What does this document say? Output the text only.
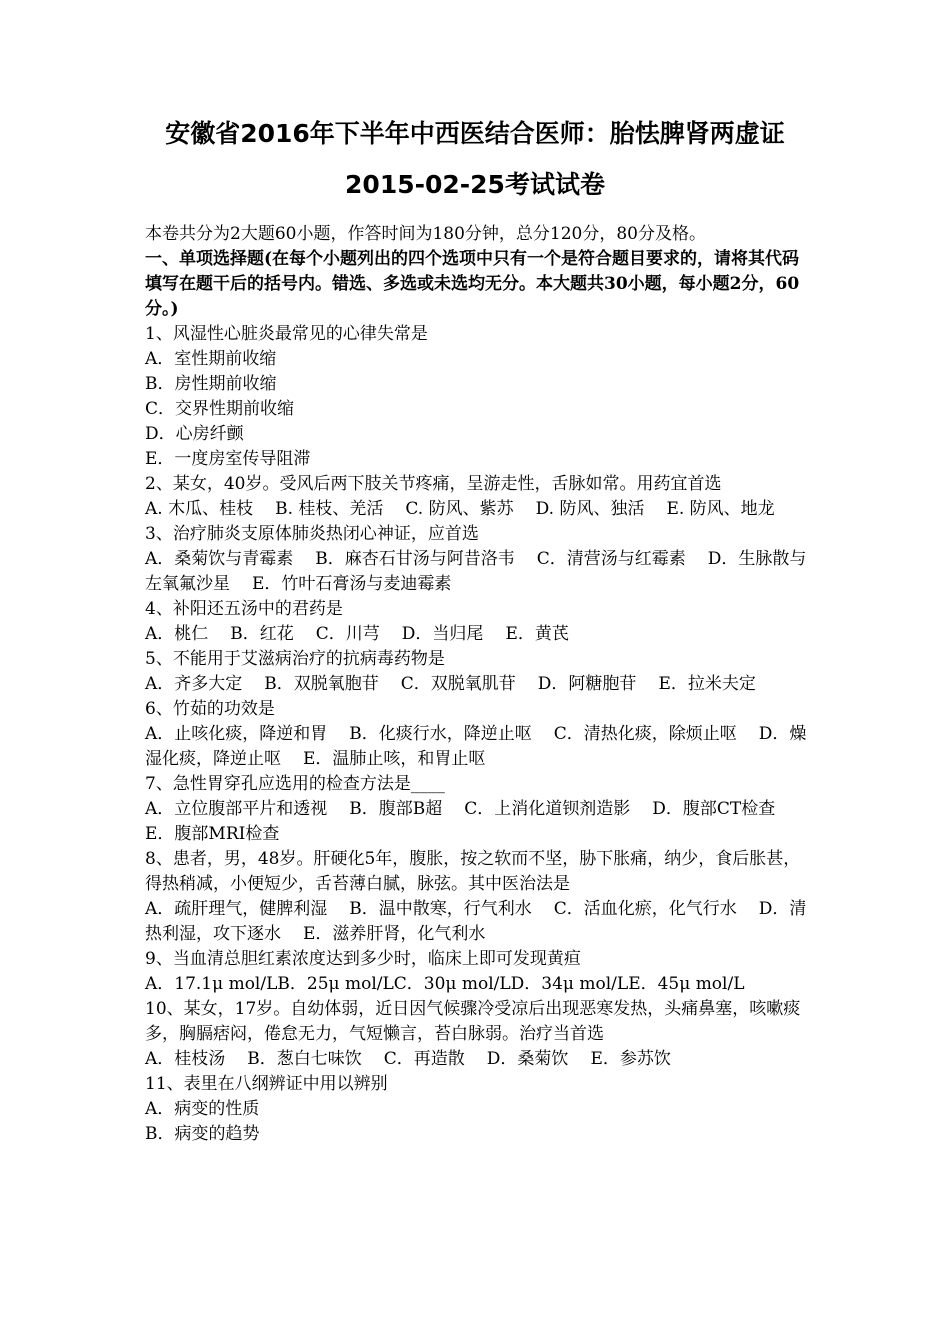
安徽省2016年下半年中西医结合医师：胎怯脾肾两虚证
2015-02-25考试试卷

本卷共分为2大题60小题，作答时间为180分钟，总分120分，80分及格。

一、单项选择题(在每个小题列出的四个选项中只有一个是符合题目要求的，请将其代码填写在题干后的括号内。错选、多选或未选均无分。本大题共30小题，每小题2分，60分。)

1、风湿性心脏炎最常见的心律失常是

A．室性期前收缩

B．房性期前收缩

C．交界性期前收缩

D．心房纤颤

E．一度房室传导阻滞

2、某女，40岁。受风后两下肢关节疼痛，呈游走性，舌脉如常。用药宜首选

A. 木瓜、桂枝 B. 桂枝、羌活 C. 防风、紫苏 D. 防风、独活 E. 防风、地龙

3、治疗肺炎支原体肺炎热闭心神证，应首选

A．桑菊饮与青霉素 B．麻杏石甘汤与阿昔洛韦 C．清营汤与红霉素 D．生脉散与左氧氟沙星 E．竹叶石膏汤与麦迪霉素

4、补阳还五汤中的君药是

A．桃仁 B．红花 C．川芎 D．当归尾 E．黄芪

5、不能用于艾滋病治疗的抗病毒药物是

A．齐多大定 B．双脱氧胞苷 C．双脱氧肌苷 D．阿糖胞苷 E．拉米夫定

6、竹茹的功效是

A．止咳化痰，降逆和胃 B．化痰行水，降逆止呕 C．清热化痰，除烦止呕 D．燥湿化痰，降逆止呕 E．温肺止咳，和胃止呕

7、急性胃穿孔应选用的检查方法是____

A．立位腹部平片和透视 B．腹部B超 C．上消化道钡剂造影 D．腹部CT检查E．腹部MRI检查

8、患者，男，48岁。肝硬化5年，腹胀，按之软而不坚，胁下胀痛，纳少，食后胀甚，得热稍减，小便短少，舌苔薄白腻，脉弦。其中医治法是

A．疏肝理气，健脾利湿 B．温中散寒，行气利水 C．活血化瘀，化气行水 D．清热利湿，攻下逐水 E．滋养肝肾，化气利水

9、当血清总胆红素浓度达到多少时，临床上即可发现黄疸

A．17.1μ mol/LB．25μ mol/LC．30μ mol/LD．34μ mol/LE．45μ mol/L

10、某女，17岁。自幼体弱，近日因气候骤冷受凉后出现恶寒发热，头痛鼻塞，咳嗽痰多，胸膈痞闷，倦怠无力，气短懒言，苔白脉弱。治疗当首选

A．桂枝汤 B．葱白七味饮 C．再造散 D．桑菊饮 E．参苏饮

11、表里在八纲辨证中用以辨别

A．病变的性质

B．病变的趋势
